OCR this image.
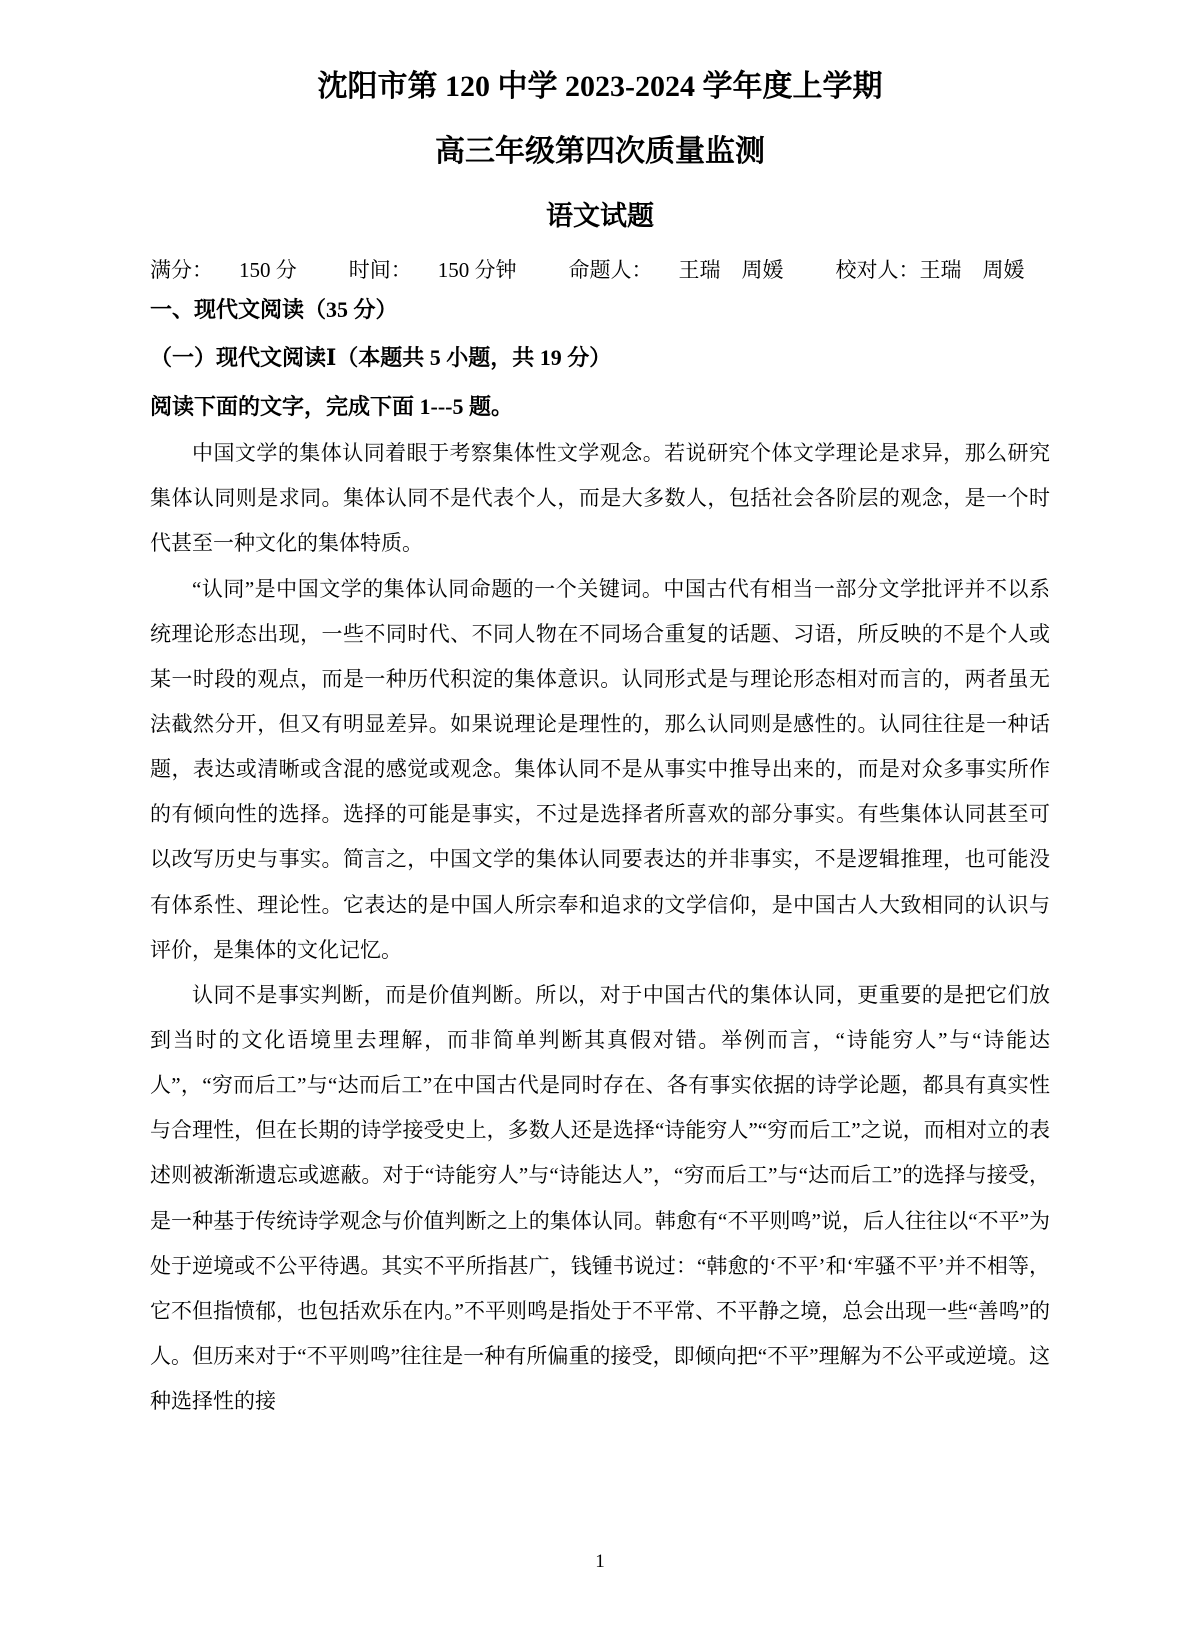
沈阳市第 120 中学 2023-2024 学年度上学期
高三年级第四次质量监测
语文试题
满分： 150 分 时间： 150 分钟 命题人： 王瑞　周媛 校对人： 王瑞　周媛
一、现代文阅读（35 分）
（一）现代文阅读Ⅰ（本题共 5 小题，共 19 分）
阅读下面的文字，完成下面 1---5 题。

中国文学的集体认同着眼于考察集体性文学观念。若说研究个体文学理论是求异，那么研究集体认同则是求同。集体认同不是代表个人，而是大多数人，包括社会各阶层的观念，是一个时代甚至一种文化的集体特质。

“认同”是中国文学的集体认同命题的一个关键词。中国古代有相当一部分文学批评并不以系统理论形态出现，一些不同时代、不同人物在不同场合重复的话题、习语，所反映的不是个人或某一时段的观点，而是一种历代积淀的集体意识。认同形式是与理论形态相对而言的，两者虽无法截然分开，但又有明显差异。如果说理论是理性的，那么认同则是感性的。认同往往是一种话题，表达或清晰或含混的感觉或观念。集体认同不是从事实中推导出来的，而是对众多事实所作的有倾向性的选择。选择的可能是事实，不过是选择者所喜欢的部分事实。有些集体认同甚至可以改写历史与事实。简言之，中国文学的集体认同要表达的并非事实，不是逻辑推理，也可能没有体系性、理论性。它表达的是中国人所宗奉和追求的文学信仰，是中国古人大致相同的认识与评价，是集体的文化记忆。

认同不是事实判断，而是价值判断。所以，对于中国古代的集体认同，更重要的是把它们放到当时的文化语境里去理解，而非简单判断其真假对错。举例而言，“诗能穷人”与“诗能达人”，“穷而后工”与“达而后工”在中国古代是同时存在、各有事实依据的诗学论题，都具有真实性与合理性，但在长期的诗学接受史上，多数人还是选择“诗能穷人”“穷而后工”之说，而相对立的表述则被渐渐遗忘或遮蔽。对于“诗能穷人”与“诗能达人”，“穷而后工”与“达而后工”的选择与接受，是一种基于传统诗学观念与价值判断之上的集体认同。韩愈有“不平则鸣”说，后人往往以“不平”为处于逆境或不公平待遇。其实不平所指甚广，钱锺书说过：“韩愈的‘不平’和‘牢骚不平’并不相等，它不但指愤郁，也包括欢乐在内。”不平则鸣是指处于不平常、不平静之境，总会出现一些“善鸣”的人。但历来对于“不平则鸣”往往是一种有所偏重的接受，即倾向把“不平”理解为不公平或逆境。这种选择性的接

1
